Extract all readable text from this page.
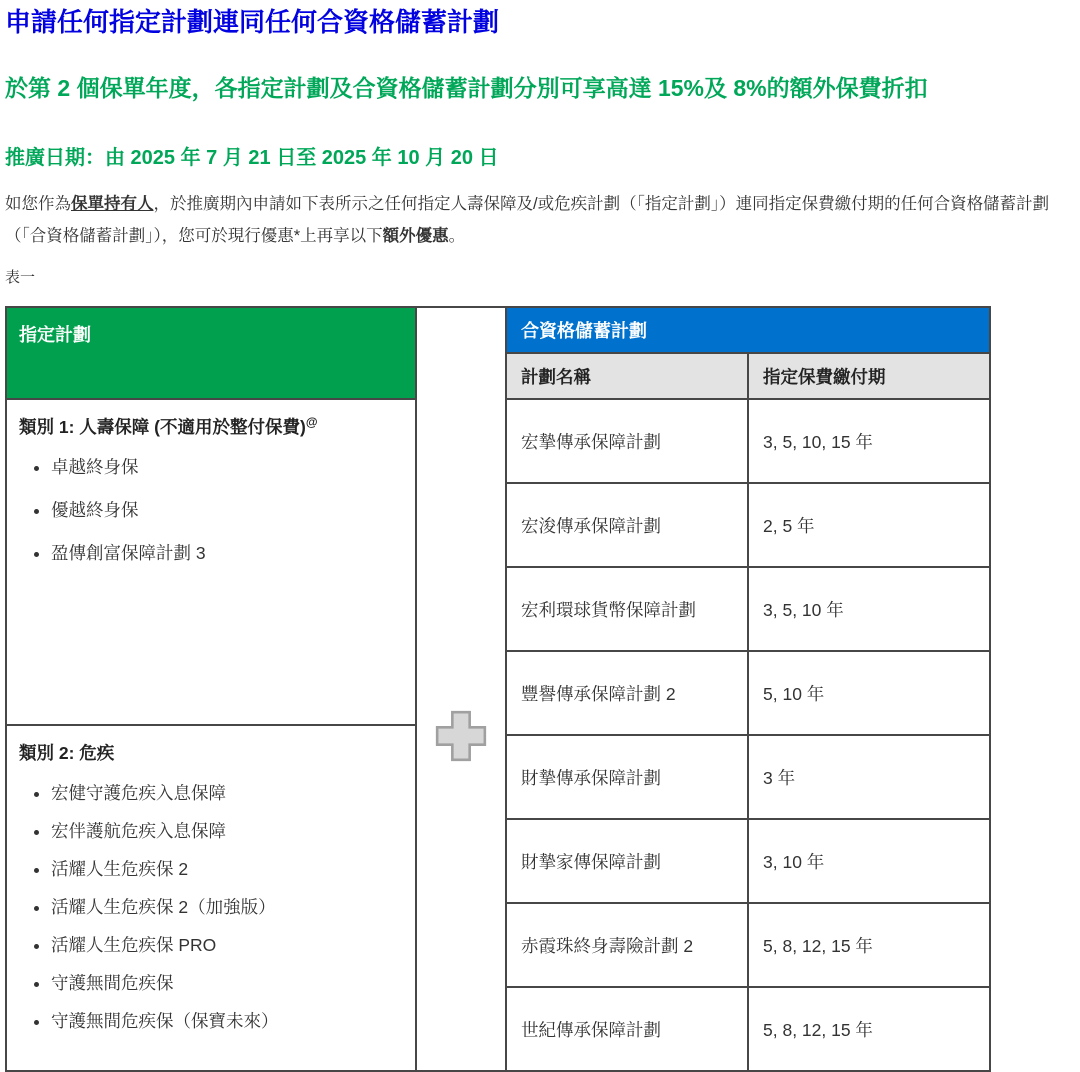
申請任何指定計劃連同任何合資格儲蓄計劃
於第 2 個保單年度，各指定計劃及合資格儲蓄計劃分別可享高達 15%及 8%的額外保費折扣
推廣日期：由 2025 年 7 月 21 日至 2025 年 10 月 20 日

如您作為保單持有人，於推廣期內申請如下表所示之任何指定人壽保障及/或危疾計劃（「指定計劃」）連同指定保費繳付期的任何合資格儲蓄計劃（「合資格儲蓄計劃」），您可於現行優惠*上再享以下額外優惠。

表一

指定計劃

類別 1: 人壽保障 (不適用於整付保費)@

• 卓越終身保
• 優越終身保
• 盈傳創富保障計劃 3

類別 2: 危疾

• 宏健守護危疾入息保障
• 宏伴護航危疾入息保障
• 活耀人生危疾保 2
• 活耀人生危疾保 2（加強版）
• 活耀人生危疾保 PRO
• 守護無間危疾保
• 守護無間危疾保（保寶未來）
合資格儲蓄計劃	
計劃名稱	指定保費繳付期
宏摯傳承保障計劃	3, 5, 10, 15 年
宏浚傳承保障計劃	2, 5 年
宏利環球貨幣保障計劃	3, 5, 10 年
豐譽傳承保障計劃 2	5, 10 年
財摯傳承保障計劃	3 年
財摯家傳保障計劃	3, 10 年
赤霞珠終身壽險計劃 2	5, 8, 12, 15 年
世紀傳承保障計劃	5, 8, 12, 15 年
